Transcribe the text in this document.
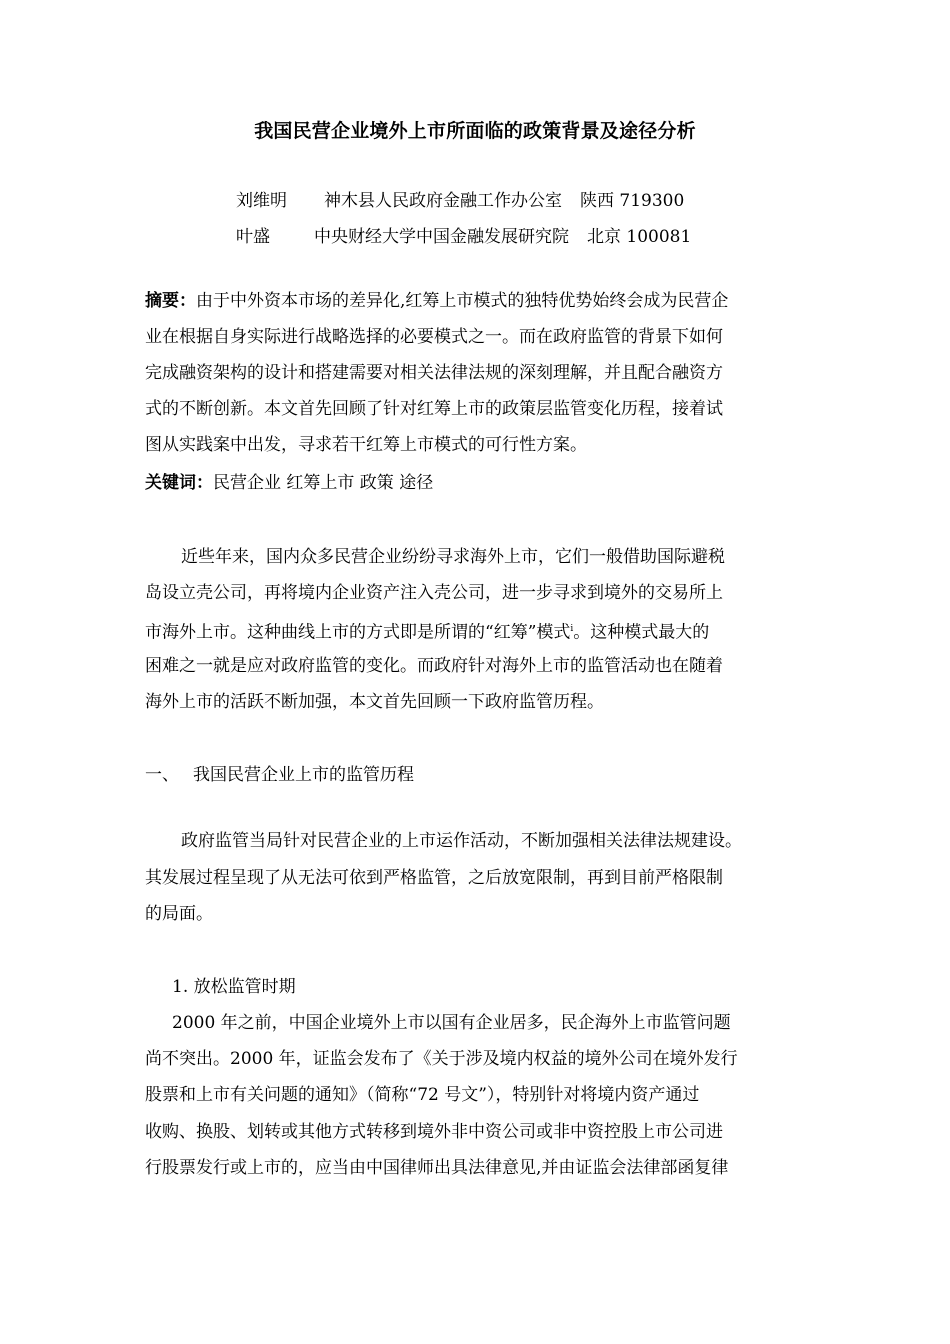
我国民营企业境外上市所面临的政策背景及途径分析
刘维明 神木县人民政府金融工作办公室 陕西 719300
叶盛	中央财经大学中国金融发展研究院 北京 100081
摘要：由于中外资本市场的差异化,红筹上市模式的独特优势始终会成为民营企
业在根据自身实际进行战略选择的必要模式之一。而在政府监管的背景下如何
完成融资架构的设计和搭建需要对相关法律法规的深刻理解，并且配合融资方
式的不断创新。本文首先回顾了针对红筹上市的政策层监管变化历程，接着试
图从实践案中出发，寻求若干红筹上市模式的可行性方案。
关键词：民营企业 红筹上市 政策 途径
近些年来，国内众多民营企业纷纷寻求海外上市，它们一般借助国际避税
岛设立壳公司，再将境内企业资产注入壳公司，进一步寻求到境外的交易所上
市海外上市。这种曲线上市的方式即是所谓的“红筹”模式$^i$。这种模式最大的
困难之一就是应对政府监管的变化。而政府针对海外上市的监管活动也在随着
海外上市的活跃不断加强，本文首先回顾一下政府监管历程。
一、 我国民营企业上市的监管历程
政府监管当局针对民营企业的上市运作活动，不断加强相关法律法规建设。
其发展过程呈现了从无法可依到严格监管，之后放宽限制，再到目前严格限制
的局面。
1. 放松监管时期
2000 年之前，中国企业境外上市以国有企业居多，民企海外上市监管问题
尚不突出。2000 年，证监会发布了《关于涉及境内权益的境外公司在境外发行
股票和上市有关问题的通知》（简称“72 号文”），特别针对将境内资产通过
收购、换股、划转或其他方式转移到境外非中资公司或非中资控股上市公司进
行股票发行或上市的，应当由中国律师出具法律意见,并由证监会法律部函复律
